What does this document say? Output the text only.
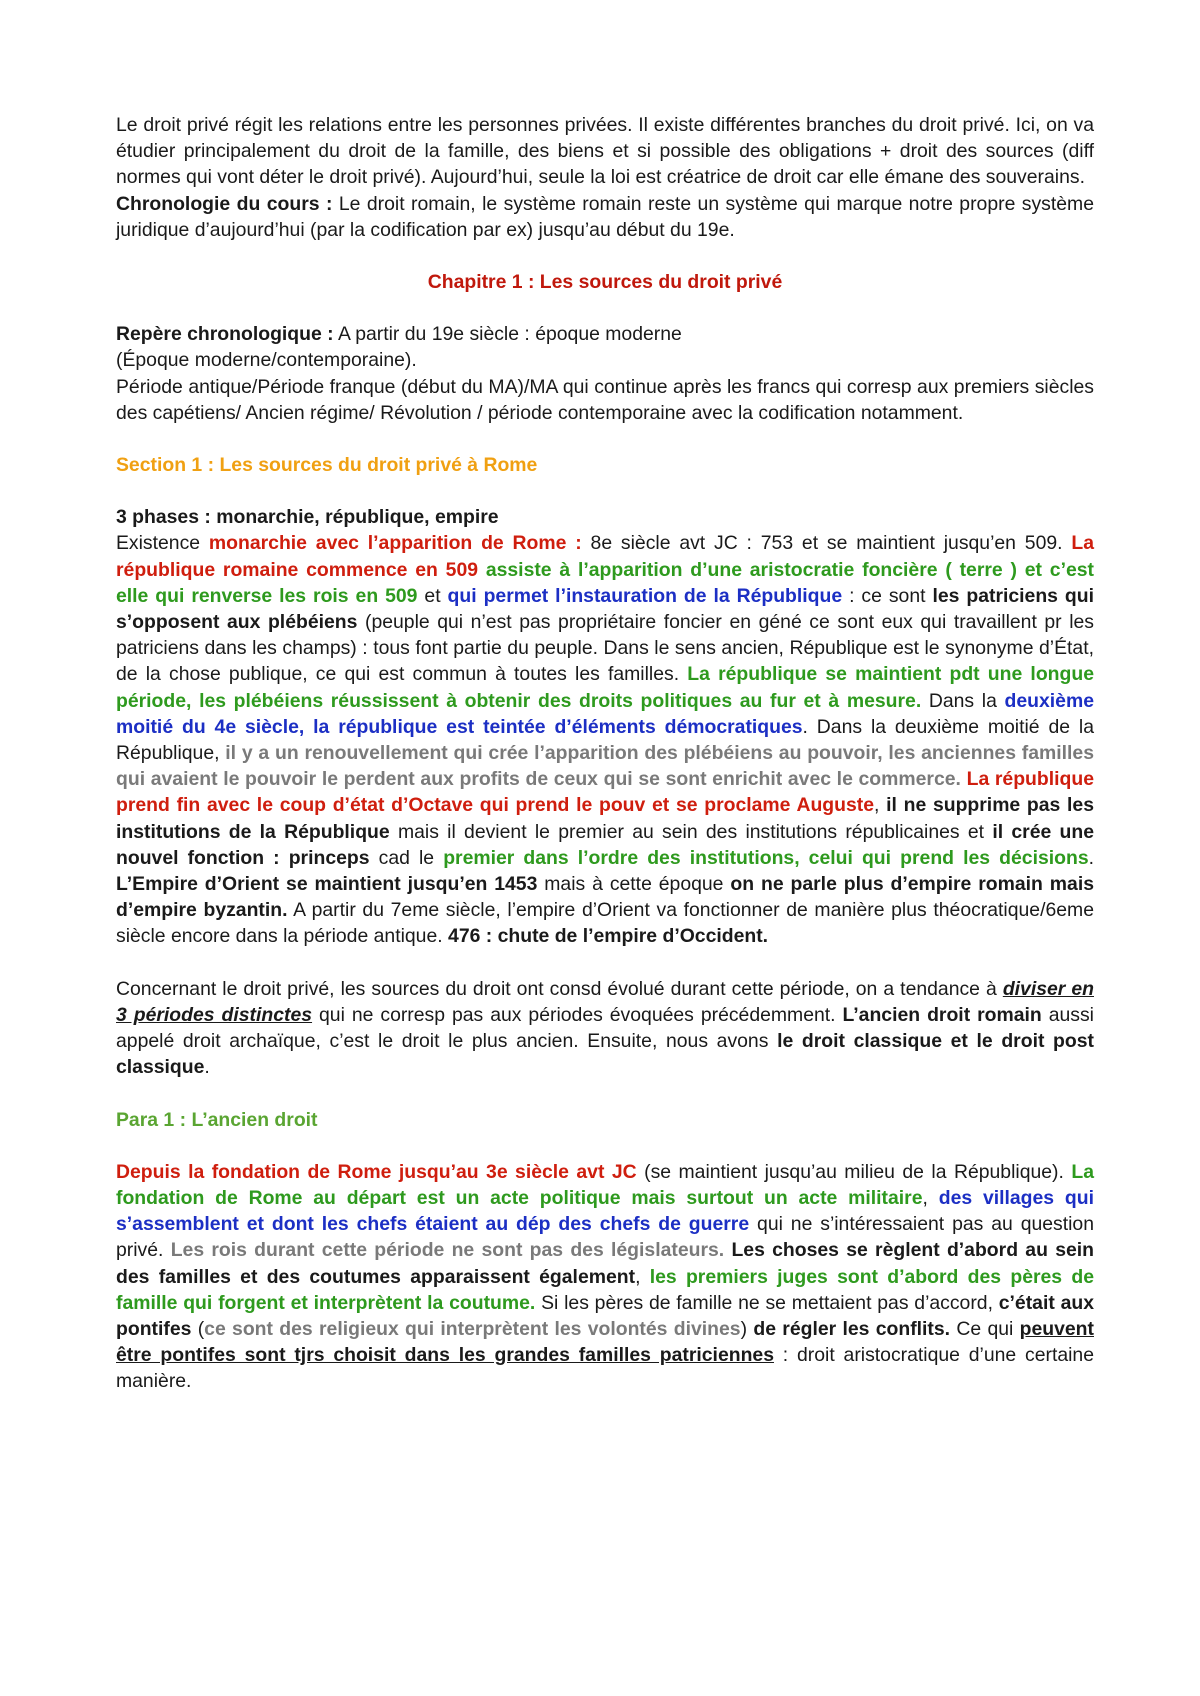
Le droit privé régit les relations entre les personnes privées. Il existe différentes branches du droit privé. Ici, on va étudier principalement du droit de la famille, des biens et si possible des obligations + droit des sources (diff normes qui vont déter le droit privé). Aujourd’hui, seule la loi est créatrice de droit car elle émane des souverains.
Chronologie du cours : Le droit romain, le système romain reste un système qui marque notre propre système juridique d’aujourd’hui (par la codification par ex) jusqu’au début du 19e.

Chapitre 1 : Les sources du droit privé

Repère chronologique : A partir du 19e siècle : époque moderne
(Époque moderne/contemporaine).
Période antique/Période franque (début du MA)/MA qui continue après les francs qui corresp aux premiers siècles des capétiens/ Ancien régime/ Révolution / période contemporaine avec la codification notamment.

Section 1 : Les sources du droit privé à Rome

3 phases : monarchie, république, empire
Existence monarchie avec l’apparition de Rome : 8e siècle avt JC : 753 et se maintient jusqu’en 509. La république romaine commence en 509 assiste à l’apparition d’une aristocratie foncière ( terre ) et c’est elle qui renverse les rois en 509 et qui permet l’instauration de la République : ce sont les patriciens qui s’opposent aux plébéiens (peuple qui n’est pas propriétaire foncier en géné ce sont eux qui travaillent pr les patriciens dans les champs) : tous font partie du peuple. Dans le sens ancien, République est le synonyme d’État, de la chose publique, ce qui est commun à toutes les familles. La république se maintient pdt une longue période, les plébéiens réussissent à obtenir des droits politiques au fur et à mesure. Dans la deuxième moitié du 4e siècle, la république est teintée d’éléments démocratiques. Dans la deuxième moitié de la République, il y a un renouvellement qui crée l’apparition des plébéiens au pouvoir, les anciennes familles qui avaient le pouvoir le perdent aux profits de ceux qui se sont enrichit avec le commerce. La république prend fin avec le coup d’état d’Octave qui prend le pouv et se proclame Auguste, il ne supprime pas les institutions de la République mais il devient le premier au sein des institutions républicaines et il crée une nouvel fonction : princeps cad le premier dans l’ordre des institutions, celui qui prend les décisions. L’Empire d’Orient se maintient jusqu’en 1453 mais à cette époque on ne parle plus d’empire romain mais d’empire byzantin. A partir du 7eme siècle, l’empire d’Orient va fonctionner de manière plus théocratique/6eme siècle encore dans la période antique. 476 : chute de l’empire d’Occident.

Concernant le droit privé, les sources du droit ont consd évolué durant cette période, on a tendance à diviser en 3 périodes distinctes qui ne corresp pas aux périodes évoquées précédemment. L’ancien droit romain aussi appelé droit archaïque, c’est le droit le plus ancien. Ensuite, nous avons le droit classique et le droit post classique.

Para 1 : L’ancien droit

Depuis la fondation de Rome jusqu’au 3e siècle avt JC (se maintient jusqu’au milieu de la République). La fondation de Rome au départ est un acte politique mais surtout un acte militaire, des villages qui s’assemblent et dont les chefs étaient au dép des chefs de guerre qui ne s’intéressaient pas au question privé. Les rois durant cette période ne sont pas des législateurs. Les choses se règlent d’abord au sein des familles et des coutumes apparaissent également, les premiers juges sont d’abord des pères de famille qui forgent et interprètent la coutume. Si les pères de famille ne se mettaient pas d’accord, c’était aux pontifes (ce sont des religieux qui interprètent les volontés divines) de régler les conflits. Ce qui peuvent être pontifes sont tjrs choisit dans les grandes familles patriciennes : droit aristocratique d’une certaine manière.
